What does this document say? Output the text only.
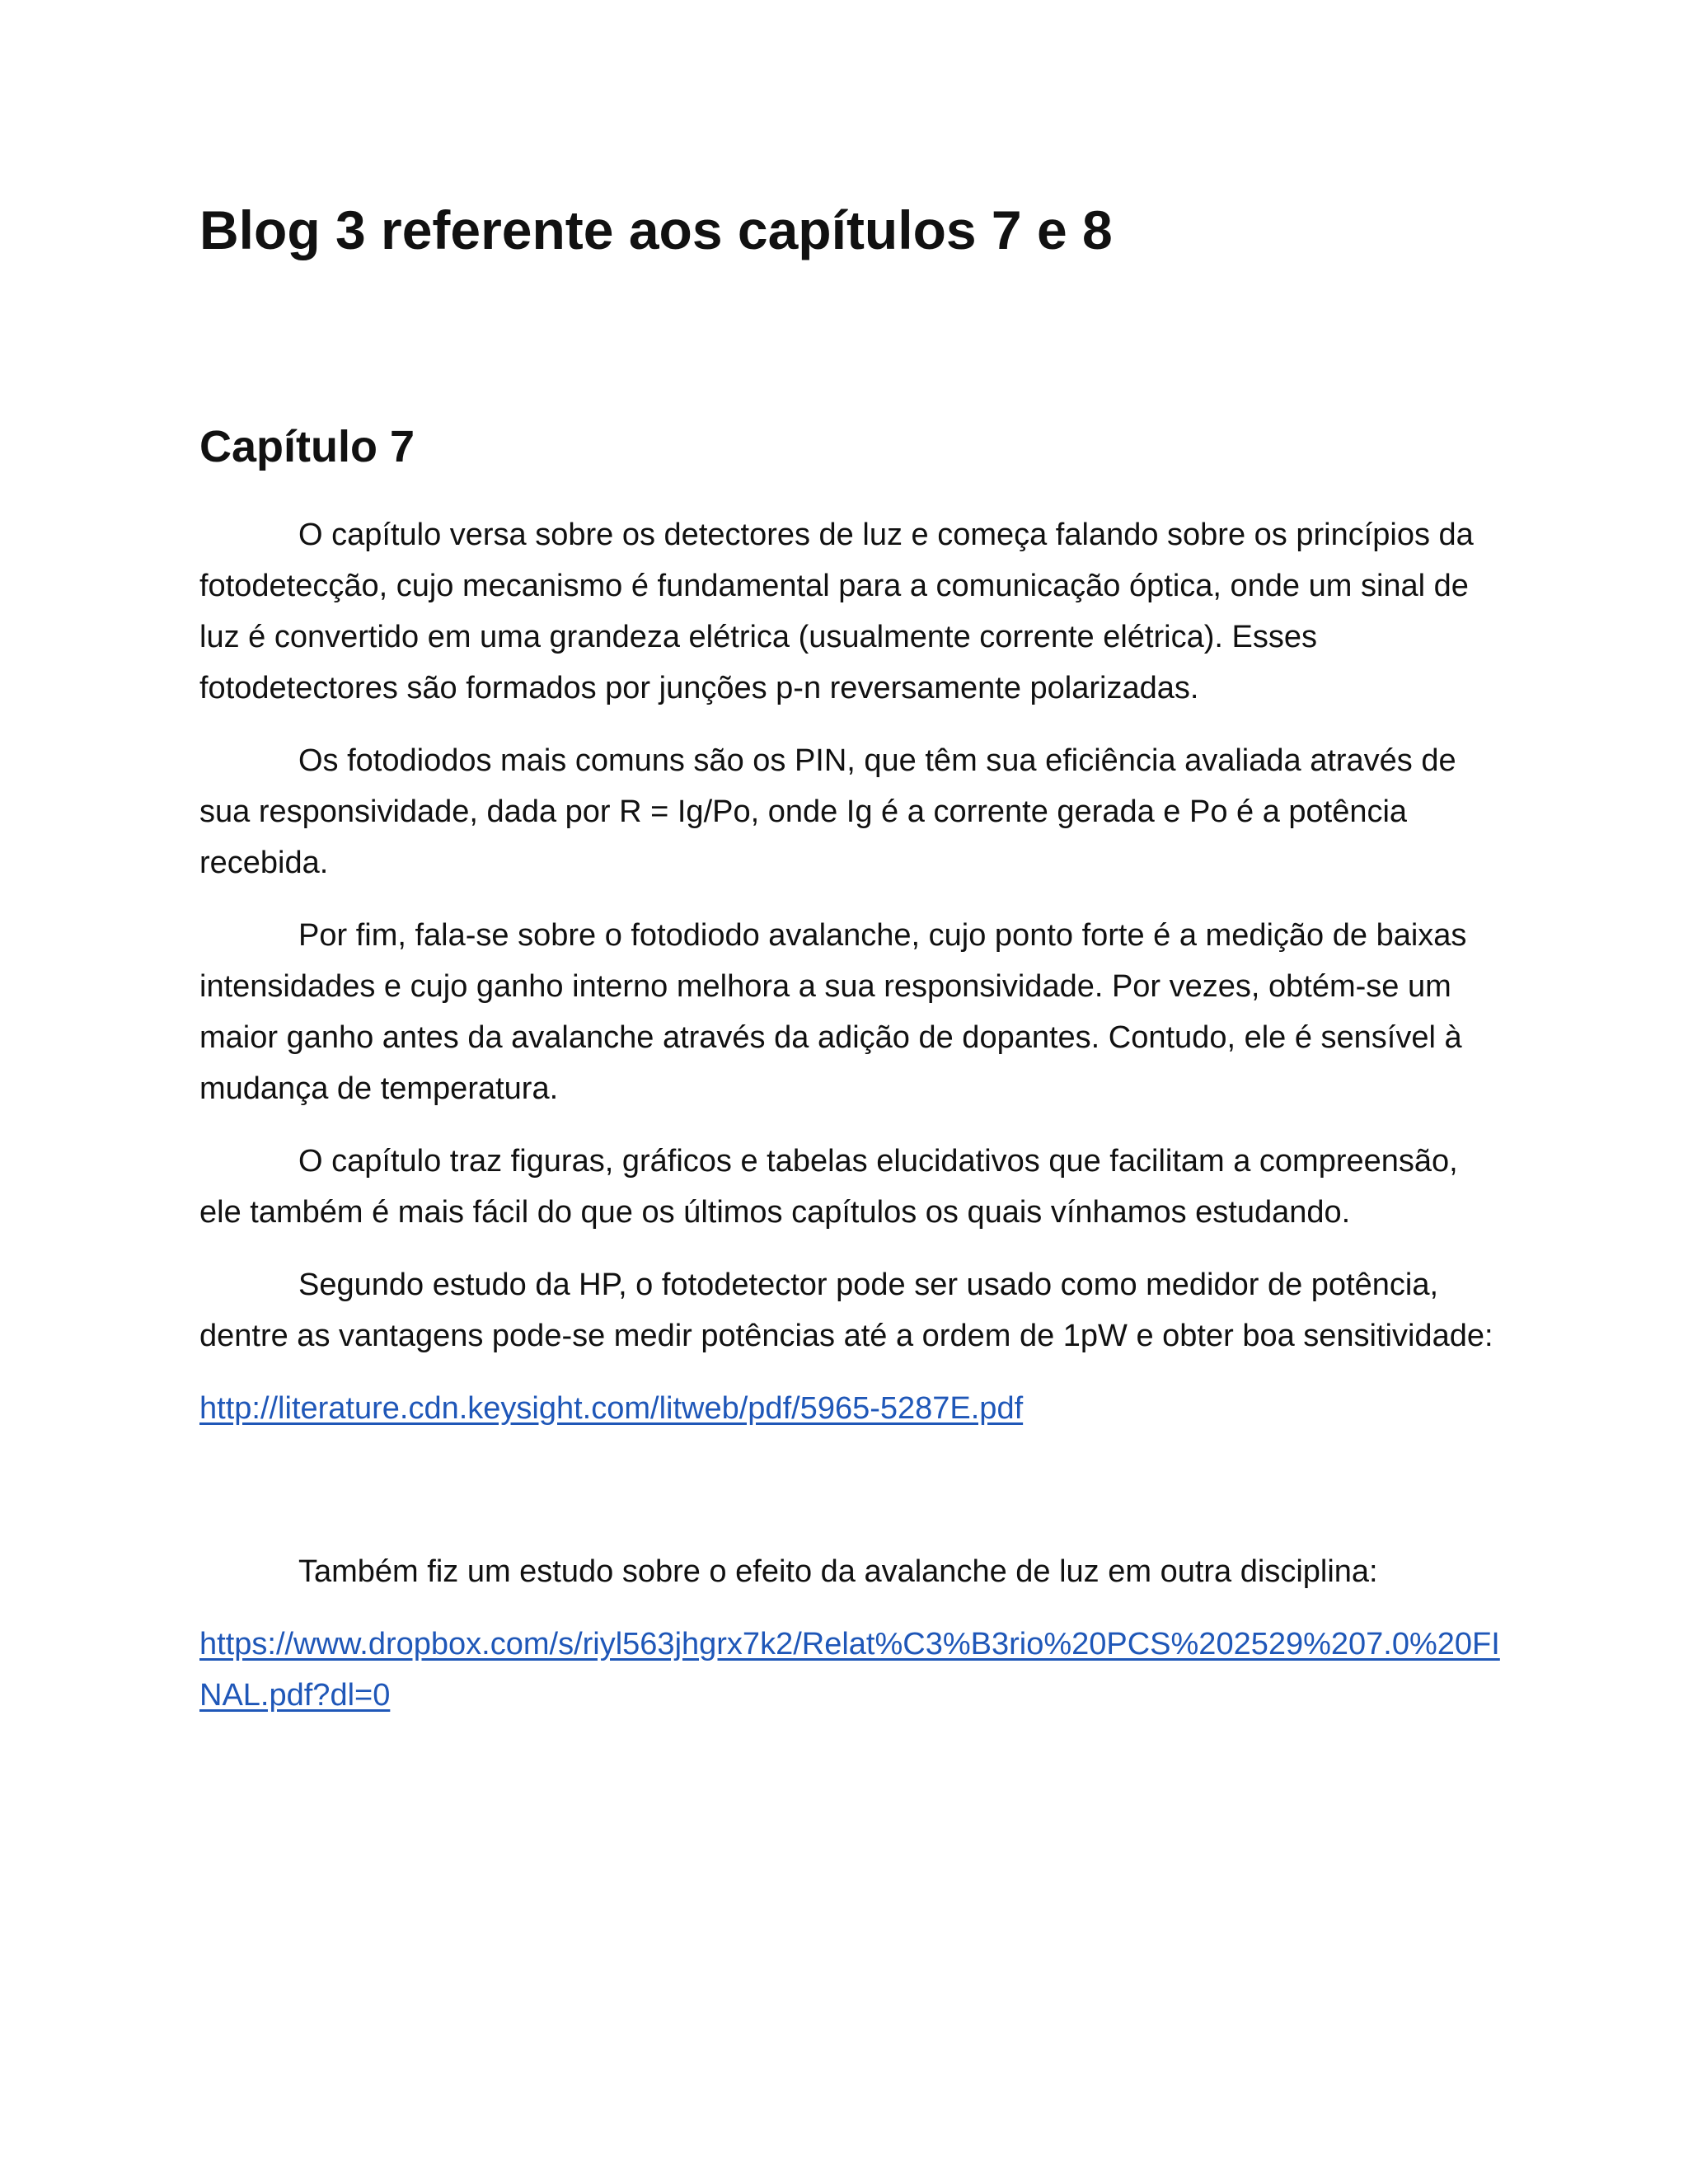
Blog 3 referente aos capítulos 7 e 8
Capítulo 7

O capítulo versa sobre os detectores de luz e começa falando sobre os princípios da fotodetecção, cujo mecanismo é fundamental para a comunicação óptica, onde um sinal de luz é convertido em uma grandeza elétrica (usualmente corrente elétrica). Esses fotodetectores são formados por junções p-n reversamente polarizadas.

Os fotodiodos mais comuns são os PIN, que têm sua eficiência avaliada através de sua responsividade, dada por R = Ig/Po, onde Ig é a corrente gerada e Po é a potência recebida.

Por fim, fala-se sobre o fotodiodo avalanche, cujo ponto forte é a medição de baixas intensidades e cujo ganho interno melhora a sua responsividade. Por vezes, obtém-se um maior ganho antes da avalanche através da adição de dopantes. Contudo, ele é sensível à mudança de temperatura.

O capítulo traz figuras, gráficos e tabelas elucidativos que facilitam a compreensão, ele também é mais fácil do que os últimos capítulos os quais vínhamos estudando.

Segundo estudo da HP, o fotodetector pode ser usado como medidor de potência, dentre as vantagens pode-se medir potências até a ordem de 1pW e obter boa sensitividade:

http://literature.cdn.keysight.com/litweb/pdf/5965-5287E.pdf

Também fiz um estudo sobre o efeito da avalanche de luz em outra disciplina:

https://www.dropbox.com/s/riyl563jhgrx7k2/Relat%C3%B3rio%20PCS%202529%207.0%20FINAL.pdf?dl=0
